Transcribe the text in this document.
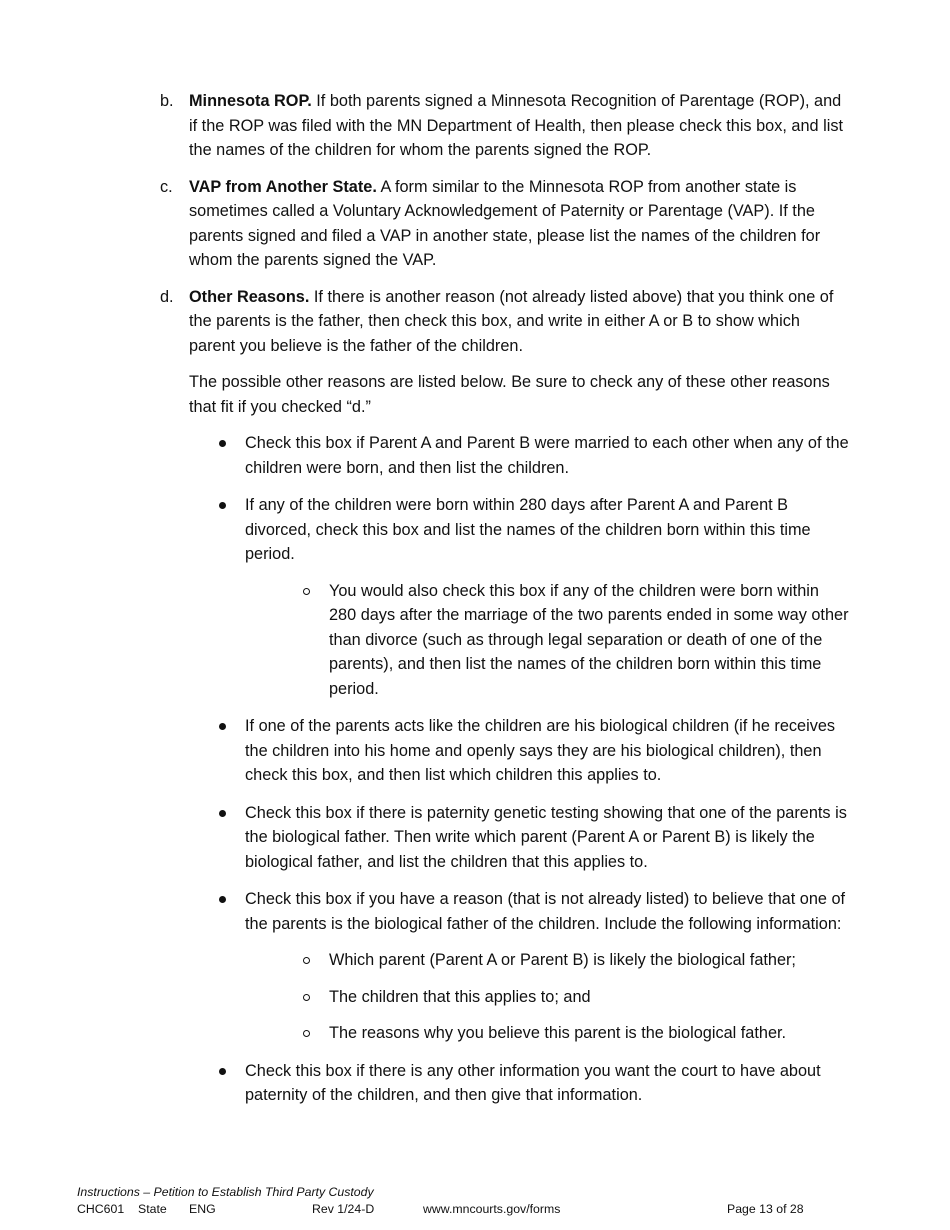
b. Minnesota ROP. If both parents signed a Minnesota Recognition of Parentage (ROP), and if the ROP was filed with the MN Department of Health, then please check this box, and list the names of the children for whom the parents signed the ROP.
c. VAP from Another State. A form similar to the Minnesota ROP from another state is sometimes called a Voluntary Acknowledgement of Paternity or Parentage (VAP). If the parents signed and filed a VAP in another state, please list the names of the children for whom the parents signed the VAP.
d. Other Reasons. If there is another reason (not already listed above) that you think one of the parents is the father, then check this box, and write in either A or B to show which parent you believe is the father of the children.
The possible other reasons are listed below. Be sure to check any of these other reasons that fit if you checked “d.”
Check this box if Parent A and Parent B were married to each other when any of the children were born, and then list the children.
If any of the children were born within 280 days after Parent A and Parent B divorced, check this box and list the names of the children born within this time period.
You would also check this box if any of the children were born within 280 days after the marriage of the two parents ended in some way other than divorce (such as through legal separation or death of one of the parents), and then list the names of the children born within this time period.
If one of the parents acts like the children are his biological children (if he receives the children into his home and openly says they are his biological children), then check this box, and then list which children this applies to.
Check this box if there is paternity genetic testing showing that one of the parents is the biological father. Then write which parent (Parent A or Parent B) is likely the biological father, and list the children that this applies to.
Check this box if you have a reason (that is not already listed) to believe that one of the parents is the biological father of the children. Include the following information:
Which parent (Parent A or Parent B) is likely the biological father;
The children that this applies to; and
The reasons why you believe this parent is the biological father.
Check this box if there is any other information you want the court to have about paternity of the children, and then give that information.
Instructions – Petition to Establish Third Party Custody
CHC601 State ENG	Rev 1/24-D	www.mncourts.gov/forms	Page 13 of 28
